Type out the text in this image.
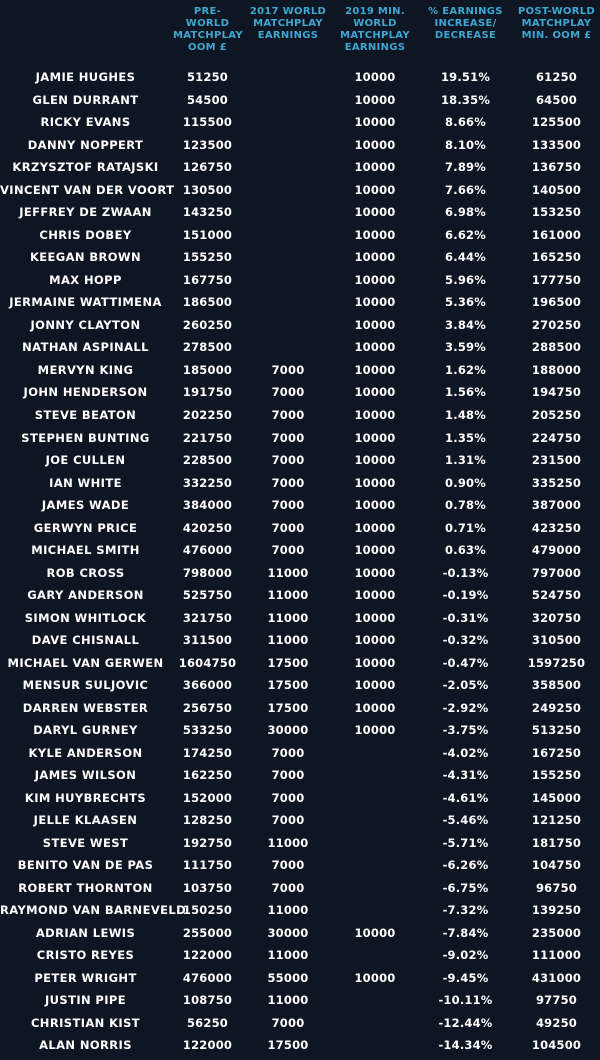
	PRE-WORLD MATCHPLAY OOM £	2017 WORLD MATCHPLAY EARNINGS	2019 MIN. WORLD MATCHPLAY EARNINGS	% EARNINGS INCREASE/ DECREASE	POST-WORLD MATCHPLAY MIN. OOM £
JAMIE HUGHES	51250		10000	19.51%	61250
GLEN DURRANT	54500		10000	18.35%	64500
RICKY EVANS	115500		10000	8.66%	125500
DANNY NOPPERT	123500		10000	8.10%	133500
KRZYSZTOF RATAJSKI	126750		10000	7.89%	136750
VINCENT VAN DER VOORT	130500		10000	7.66%	140500
JEFFREY DE ZWAAN	143250		10000	6.98%	153250
CHRIS DOBEY	151000		10000	6.62%	161000
KEEGAN BROWN	155250		10000	6.44%	165250
MAX HOPP	167750		10000	5.96%	177750
JERMAINE WATTIMENA	186500		10000	5.36%	196500
JONNY CLAYTON	260250		10000	3.84%	270250
NATHAN ASPINALL	278500		10000	3.59%	288500
MERVYN KING	185000	7000	10000	1.62%	188000
JOHN HENDERSON	191750	7000	10000	1.56%	194750
STEVE BEATON	202250	7000	10000	1.48%	205250
STEPHEN BUNTING	221750	7000	10000	1.35%	224750
JOE CULLEN	228500	7000	10000	1.31%	231500
IAN WHITE	332250	7000	10000	0.90%	335250
JAMES WADE	384000	7000	10000	0.78%	387000
GERWYN PRICE	420250	7000	10000	0.71%	423250
MICHAEL SMITH	476000	7000	10000	0.63%	479000
ROB CROSS	798000	11000	10000	-0.13%	797000
GARY ANDERSON	525750	11000	10000	-0.19%	524750
SIMON WHITLOCK	321750	11000	10000	-0.31%	320750
DAVE CHISNALL	311500	11000	10000	-0.32%	310500
MICHAEL VAN GERWEN	1604750	17500	10000	-0.47%	1597250
MENSUR SULJOVIC	366000	17500	10000	-2.05%	358500
DARREN WEBSTER	256750	17500	10000	-2.92%	249250
DARYL GURNEY	533250	30000	10000	-3.75%	513250
KYLE ANDERSON	174250	7000		-4.02%	167250
JAMES WILSON	162250	7000		-4.31%	155250
KIM HUYBRECHTS	152000	7000		-4.61%	145000
JELLE KLAASEN	128250	7000		-5.46%	121250
STEVE WEST	192750	11000		-5.71%	181750
BENITO VAN DE PAS	111750	7000		-6.26%	104750
ROBERT THORNTON	103750	7000		-6.75%	96750
RAYMOND VAN BARNEVELD	150250	11000		-7.32%	139250
ADRIAN LEWIS	255000	30000	10000	-7.84%	235000
CRISTO REYES	122000	11000		-9.02%	111000
PETER WRIGHT	476000	55000	10000	-9.45%	431000
JUSTIN PIPE	108750	11000		-10.11%	97750
CHRISTIAN KIST	56250	7000		-12.44%	49250
ALAN NORRIS	122000	17500		-14.34%	104500
